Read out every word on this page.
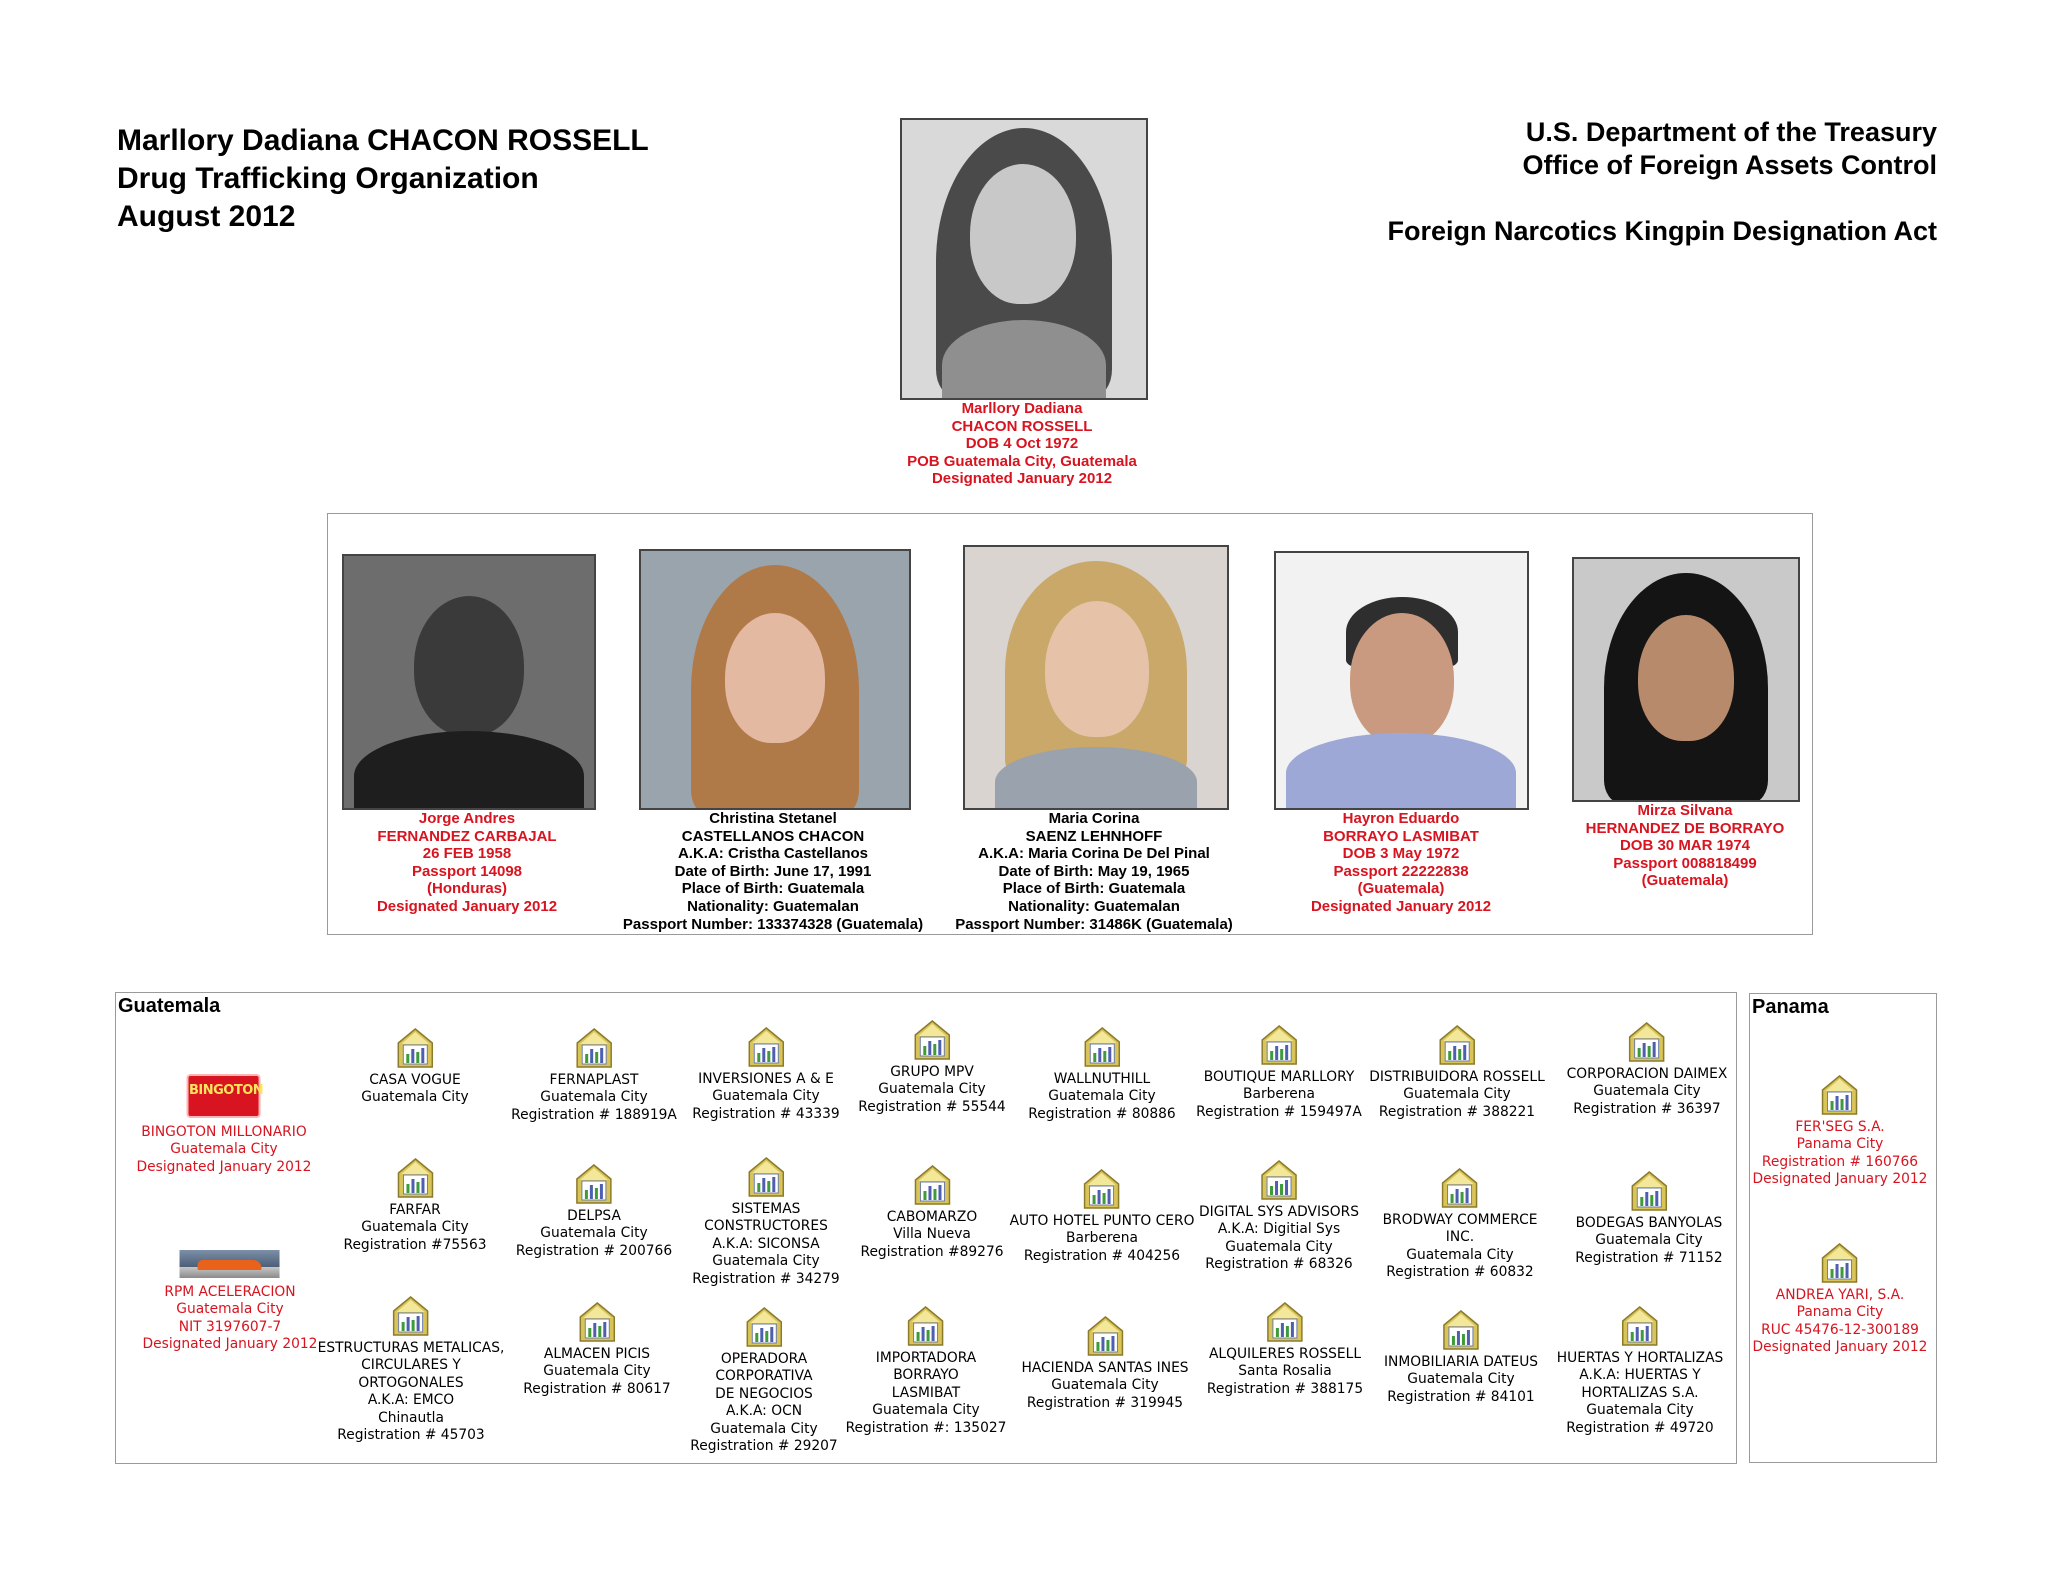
Marllory Dadiana CHACON ROSSELL
Drug Trafficking Organization
August 2012
U.S. Department of the Treasury
Office of Foreign Assets Control
Foreign Narcotics Kingpin Designation Act
Marllory Dadiana
CHACON ROSSELL
DOB 4 Oct 1972
POB Guatemala City, Guatemala
Designated January 2012
Jorge Andres
FERNANDEZ CARBAJAL
26 FEB 1958
Passport 14098
(Honduras)
Designated January 2012
Christina Stetanel
CASTELLANOS CHACON
A.K.A: Cristha Castellanos
Date of Birth: June 17, 1991
Place of Birth: Guatemala
Nationality: Guatemalan
Passport Number: 133374328 (Guatemala)
Maria Corina
SAENZ LEHNHOFF
A.K.A: Maria Corina De Del Pinal
Date of Birth: May 19, 1965
Place of Birth: Guatemala
Nationality: Guatemalan
Passport Number: 31486K (Guatemala)
Hayron Eduardo
BORRAYO LASMIBAT
DOB 3 May 1972
Passport 22222838
(Guatemala)
Designated January 2012
Mirza Silvana
HERNANDEZ DE BORRAYO
DOB 30 MAR 1974
Passport 008818499
(Guatemala)
Guatemala	Panama
BINGOTON
BINGOTON MILLONARIO
Guatemala City
Designated January 2012
RPM ACELERACION
Guatemala City
NIT 3197607-7
Designated January 2012
CASA VOGUE
Guatemala City
FERNAPLAST
Guatemala City
Registration # 188919A
INVERSIONES A & E
Guatemala City
Registration # 43339
GRUPO MPV
Guatemala City
Registration # 55544
WALLNUTHILL
Guatemala City
Registration # 80886
BOUTIQUE MARLLORY
Barberena
Registration # 159497A
DISTRIBUIDORA ROSSELL
Guatemala City
Registration # 388221
CORPORACION DAIMEX
Guatemala City
Registration # 36397
FARFAR
Guatemala City
Registration #75563
DELPSA
Guatemala City
Registration # 200766
SISTEMAS
CONSTRUCTORES
A.K.A: SICONSA
Guatemala City
Registration # 34279
CABOMARZO
Villa Nueva
Registration #89276
AUTO HOTEL PUNTO CERO
Barberena
Registration # 404256
DIGITAL SYS ADVISORS
A.K.A: Digitial Sys
Guatemala City
Registration # 68326
BRODWAY COMMERCE
INC.
Guatemala City
Registration # 60832
BODEGAS BANYOLAS
Guatemala City
Registration # 71152
ESTRUCTURAS METALICAS,
CIRCULARES Y
ORTOGONALES
A.K.A: EMCO
Chinautla
Registration # 45703
ALMACEN PICIS
Guatemala City
Registration # 80617
OPERADORA
CORPORATIVA
DE NEGOCIOS
A.K.A: OCN
Guatemala City
Registration # 29207
IMPORTADORA
BORRAYO
LASMIBAT
Guatemala City
Registration #: 135027
HACIENDA SANTAS INES
Guatemala City
Registration # 319945
ALQUILERES ROSSELL
Santa Rosalia
Registration # 388175
INMOBILIARIA DATEUS
Guatemala City
Registration # 84101
HUERTAS Y HORTALIZAS
A.K.A: HUERTAS Y
HORTALIZAS S.A.
Guatemala City
Registration # 49720
FER'SEG S.A.
Panama City
Registration # 160766
Designated January 2012
ANDREA YARI, S.A.
Panama City
RUC 45476-12-300189
Designated January 2012
